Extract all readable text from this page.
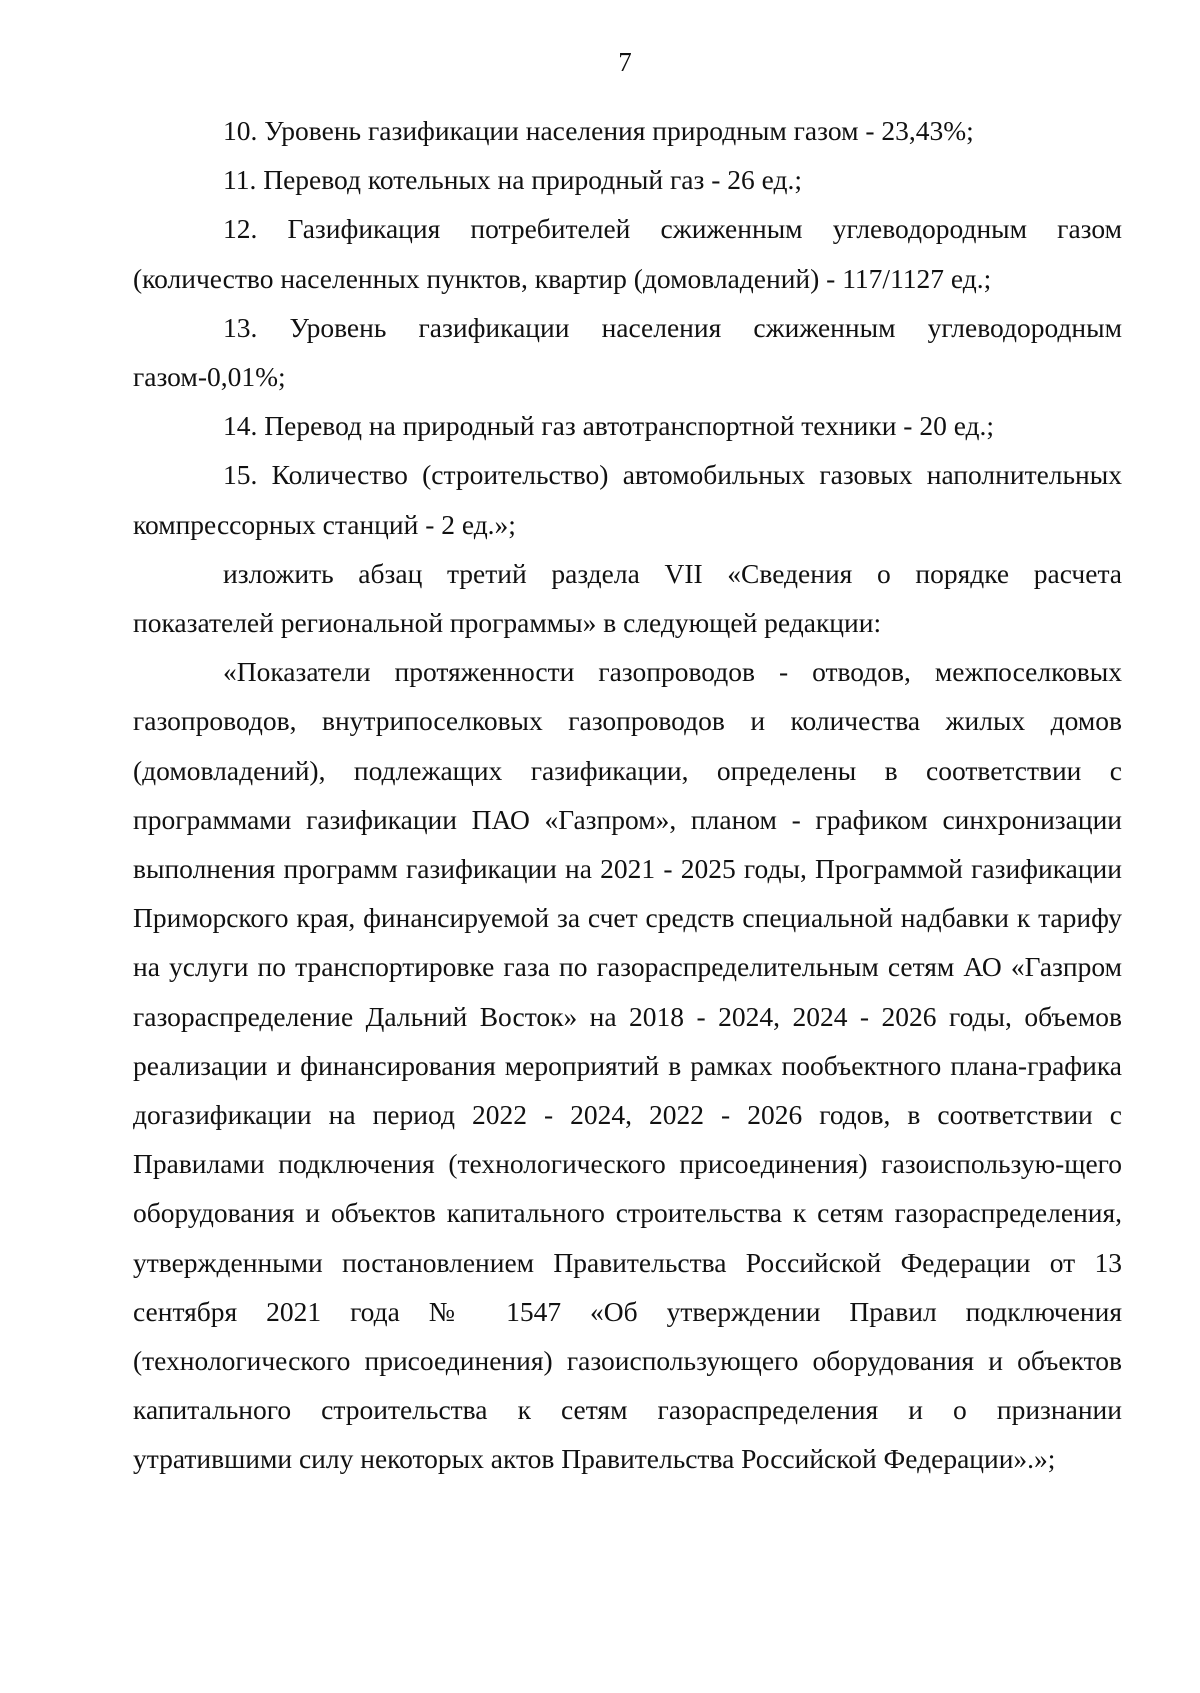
7

10. Уровень газификации населения природным газом - 23,43%;

11. Перевод котельных на природный газ - 26 ед.;

12. Газификация потребителей сжиженным углеводородным газом (количество населенных пунктов, квартир (домовладений) - 117/1127 ед.;

13. Уровень газификации населения сжиженным углеводородным газом-0,01%;

14. Перевод на природный газ автотранспортной техники - 20 ед.;

15. Количество (строительство) автомобильных газовых наполнительных компрессорных станций - 2 ед.»;

изложить абзац третий раздела VII «Сведения о порядке расчета показателей региональной программы» в следующей редакции:

«Показатели протяженности газопроводов - отводов, межпоселковых газопроводов, внутрипоселковых газопроводов и количества жилых домов (домовладений), подлежащих газификации, определены в соответствии с программами газификации ПАО «Газпром», планом - графиком синхронизации выполнения программ газификации на 2021 - 2025 годы, Программой газификации Приморского края, финансируемой за счет средств специальной надбавки к тарифу на услуги по транспортировке газа по газораспределительным сетям АО «Газпром газораспределение Дальний Восток» на 2018 - 2024, 2024 - 2026 годы, объемов реализации и финансирования мероприятий в рамках пообъектного плана-графика догазификации на период 2022 - 2024, 2022 - 2026 годов, в соответствии с Правилами подключения (технологического присоединения) газоиспользую-щего оборудования и объектов капитального строительства к сетям газораспределения, утвержденными постановлением Правительства Российской Федерации от 13 сентября 2021 года № 1547 «Об утверждении Правил подключения (технологического присоединения) газоиспользующего оборудования и объектов капитального строительства к сетям газораспределения и о признании утратившими силу некоторых актов Правительства Российской Федерации».»;
